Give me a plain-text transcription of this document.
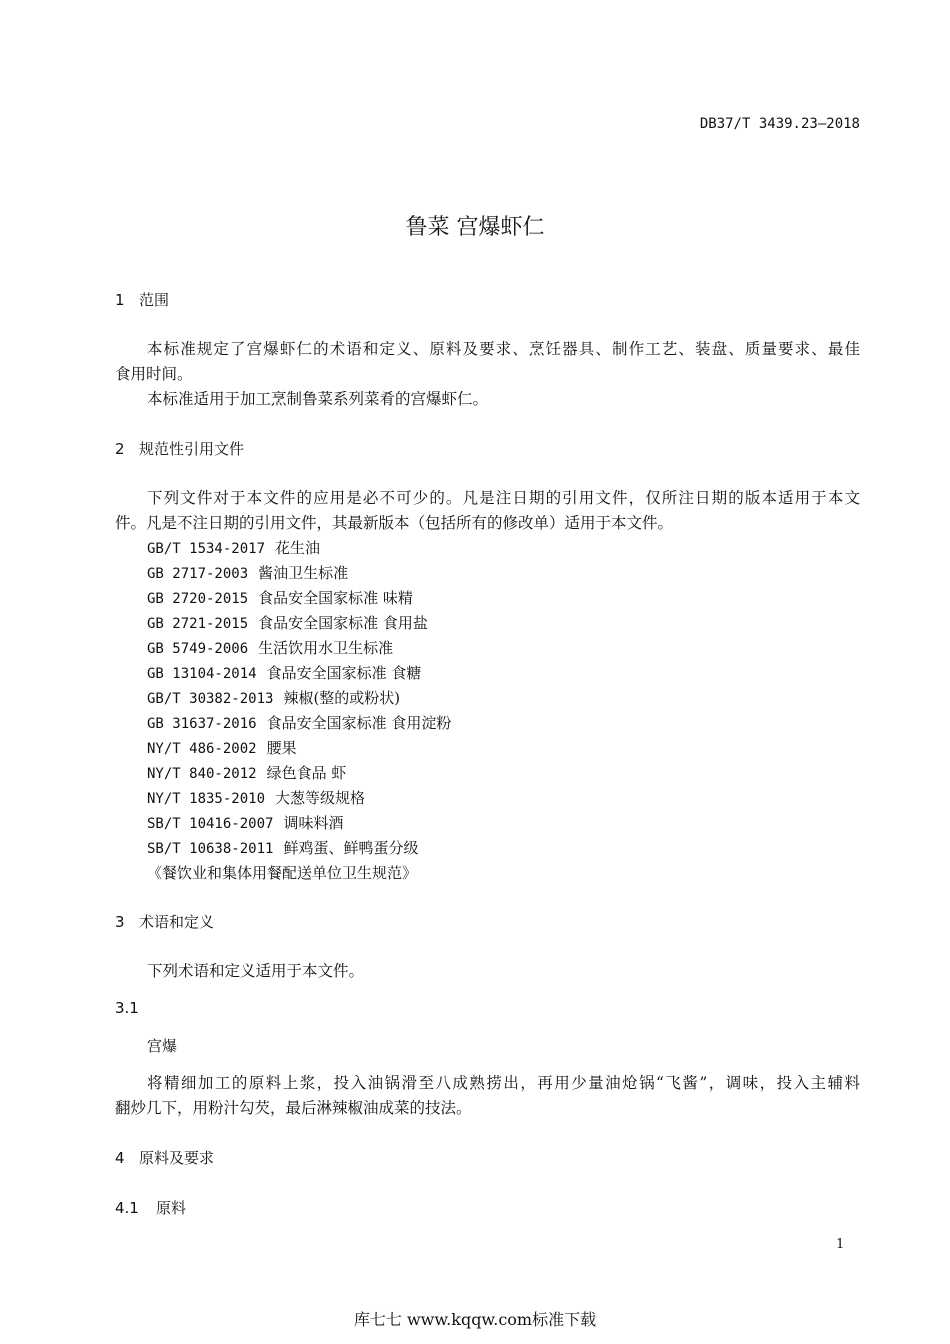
DB37/T 3439.23—2018
鲁菜 宫爆虾仁
1 范围
本标准规定了宫爆虾仁的术语和定义、原料及要求、烹饪器具、制作工艺、装盘、质量要求、最佳
食用时间。
本标准适用于加工烹制鲁菜系列菜肴的宫爆虾仁。
2 规范性引用文件
下列文件对于本文件的应用是必不可少的。凡是注日期的引用文件，仅所注日期的版本适用于本文
件。凡是不注日期的引用文件，其最新版本（包括所有的修改单）适用于本文件。
GB/T 1534-2017 花生油
GB 2717-2003 酱油卫生标准
GB 2720-2015 食品安全国家标准 味精
GB 2721-2015 食品安全国家标准 食用盐
GB 5749-2006 生活饮用水卫生标准
GB 13104-2014 食品安全国家标准 食糖
GB/T 30382-2013 辣椒(整的或粉状)
GB 31637-2016 食品安全国家标准 食用淀粉
NY/T 486-2002 腰果
NY/T 840-2012 绿色食品 虾
NY/T 1835-2010 大葱等级规格
SB/T 10416-2007 调味料酒
SB/T 10638-2011 鲜鸡蛋、鲜鸭蛋分级
《餐饮业和集体用餐配送单位卫生规范》
3 术语和定义
下列术语和定义适用于本文件。
3.1
宫爆
将精细加工的原料上浆，投入油锅滑至八成熟捞出，再用少量油炝锅“飞酱”，调味，投入主辅料
翻炒几下，用粉汁勾芡，最后淋辣椒油成菜的技法。
4 原料及要求
4.1 原料
1
库七七 www.kqqw.com标准下载
